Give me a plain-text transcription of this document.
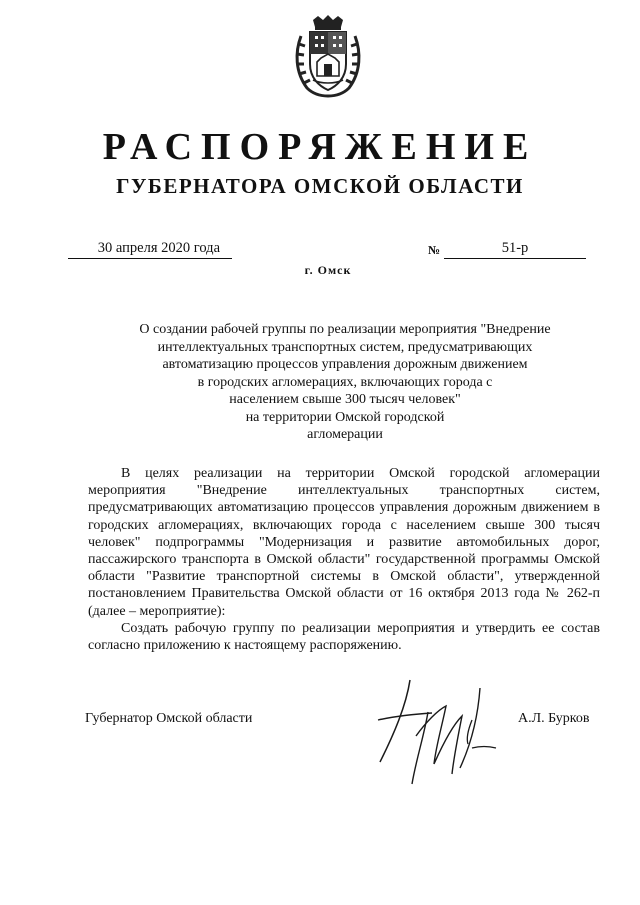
РАСПОРЯЖЕНИЕ
ГУБЕРНАТОРА ОМСКОЙ ОБЛАСТИ
30 апреля 2020 года	№	51-р
г. Омск
О создании рабочей группы по реализации мероприятия "Внедрение
интеллектуальных транспортных систем, предусматривающих
автоматизацию процессов управления дорожным движением
в городских агломерациях, включающих города с
населением свыше 300 тысяч человек"
на территории Омской городской
агломерации

В целях реализации на территории Омской городской агломерации мероприятия "Внедрение интеллектуальных транспортных систем, предусматривающих автоматизацию процессов управления дорожным движением в городских агломерациях, включающих города с населением свыше 300 тысяч человек" подпрограммы "Модернизация и развитие автомобильных дорог, пассажирского транспорта в Омской области" государственной программы Омской области "Развитие транспортной системы в Омской области", утвержденной постановлением Правительства Омской области от 16 октября 2013 года № 262-п (далее – мероприятие):

Создать рабочую группу по реализации мероприятия и утвердить ее состав согласно приложению к настоящему распоряжению.

Губернатор Омской области	А.Л. Бурков
